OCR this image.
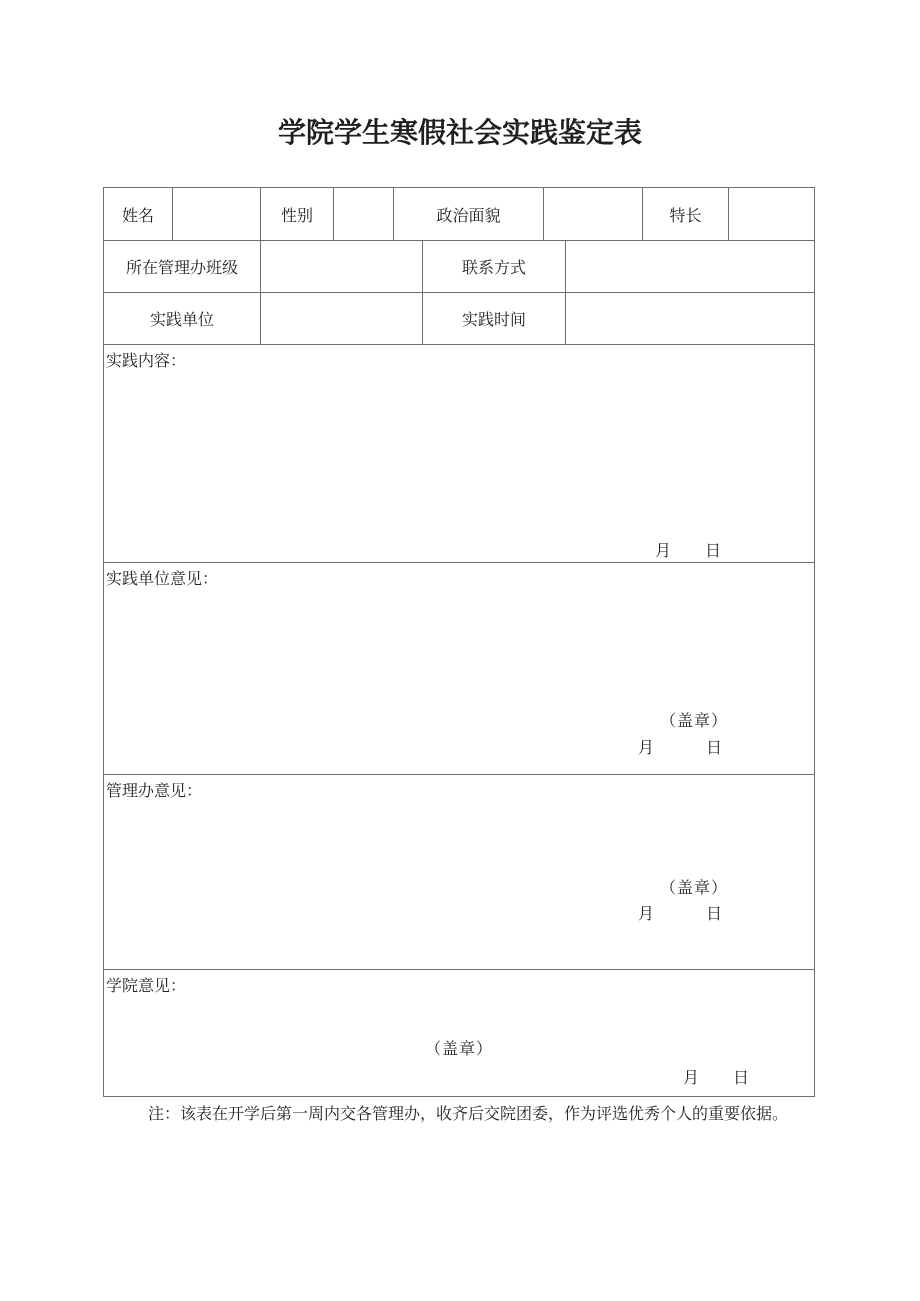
学院学生寒假社会实践鉴定表
姓名	性别	政治面貌	特长
所在管理办班级	联系方式
实践单位	实践时间
实践内容：
月 日
实践单位意见：
（盖章）
月	日
管理办意见：
（盖章）
月	日
学院意见：
（盖章）
月 日

注：该表在开学后第一周内交各管理办，收齐后交院团委，作为评选优秀个人的重要依据。
